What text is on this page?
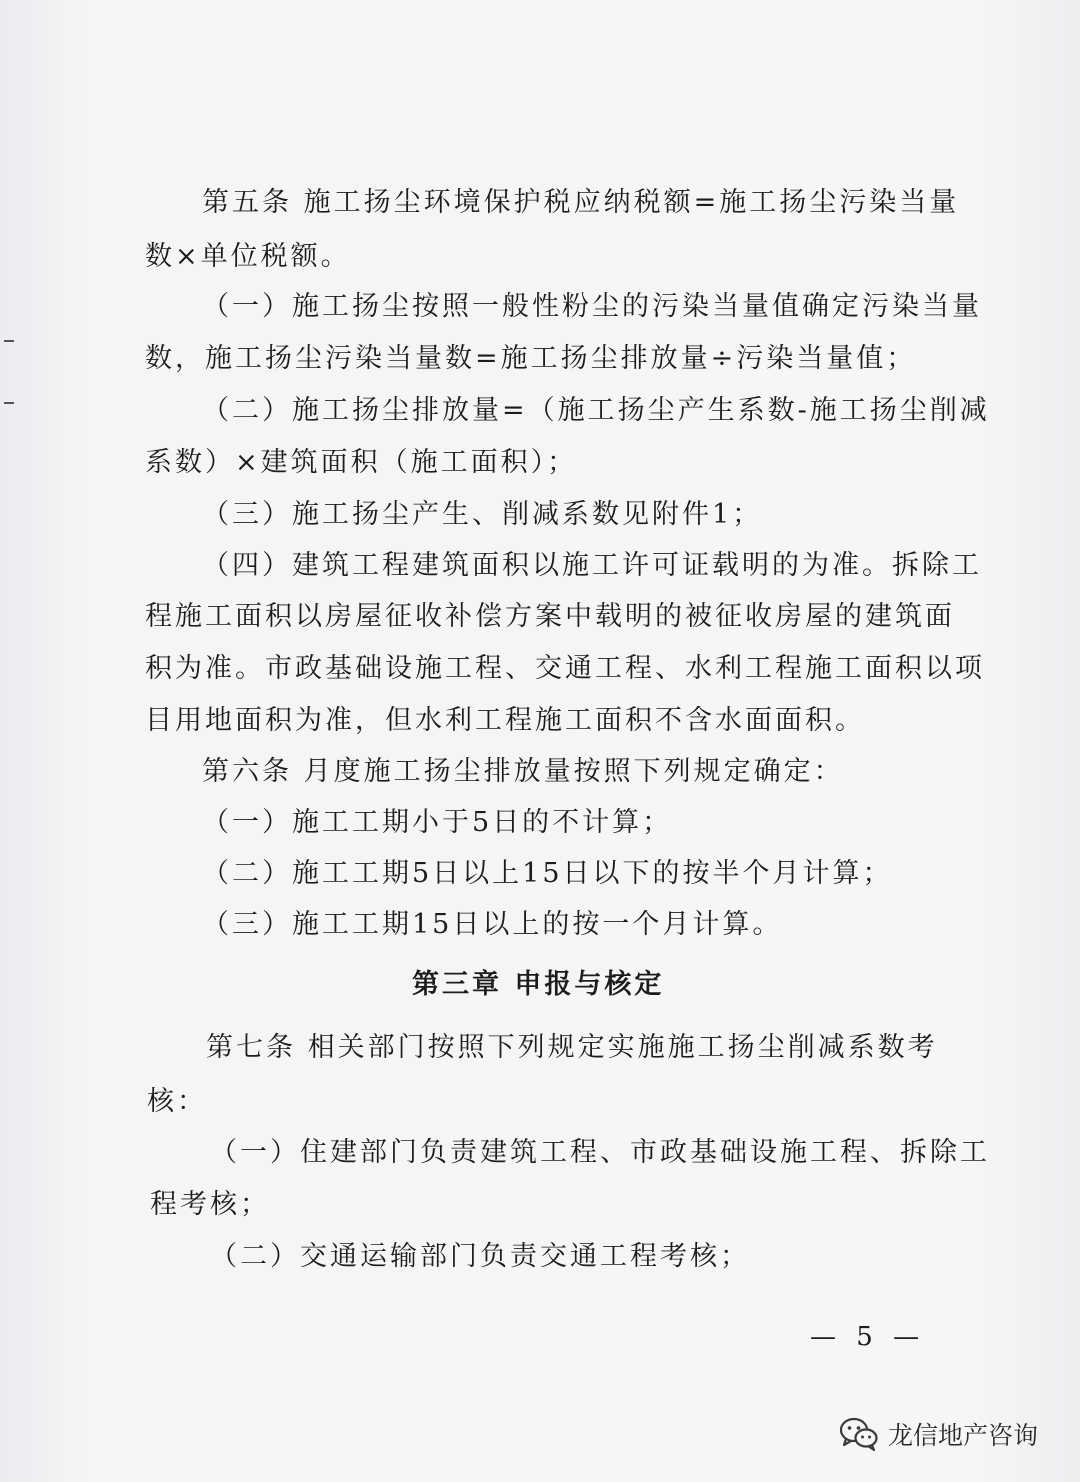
第五条 施工扬尘环境保护税应纳税额=施工扬尘污染当量
数×单位税额。
（一）施工扬尘按照一般性粉尘的污染当量值确定污染当量
数，施工扬尘污染当量数=施工扬尘排放量÷污染当量值；
（二）施工扬尘排放量=（施工扬尘产生系数-施工扬尘削减
系数）×建筑面积（施工面积）；
（三）施工扬尘产生、削减系数见附件1；
（四）建筑工程建筑面积以施工许可证载明的为准。拆除工
程施工面积以房屋征收补偿方案中载明的被征收房屋的建筑面
积为准。市政基础设施工程、交通工程、水利工程施工面积以项
目用地面积为准，但水利工程施工面积不含水面面积。
第六条 月度施工扬尘排放量按照下列规定确定：
（一）施工工期小于5日的不计算；
（二）施工工期5日以上15日以下的按半个月计算；
（三）施工工期15日以上的按一个月计算。
第三章 申报与核定
第七条 相关部门按照下列规定实施施工扬尘削减系数考
核：
（一）住建部门负责建筑工程、市政基础设施工程、拆除工
程考核；
（二）交通运输部门负责交通工程考核；
— 5 —
龙信地产咨询
